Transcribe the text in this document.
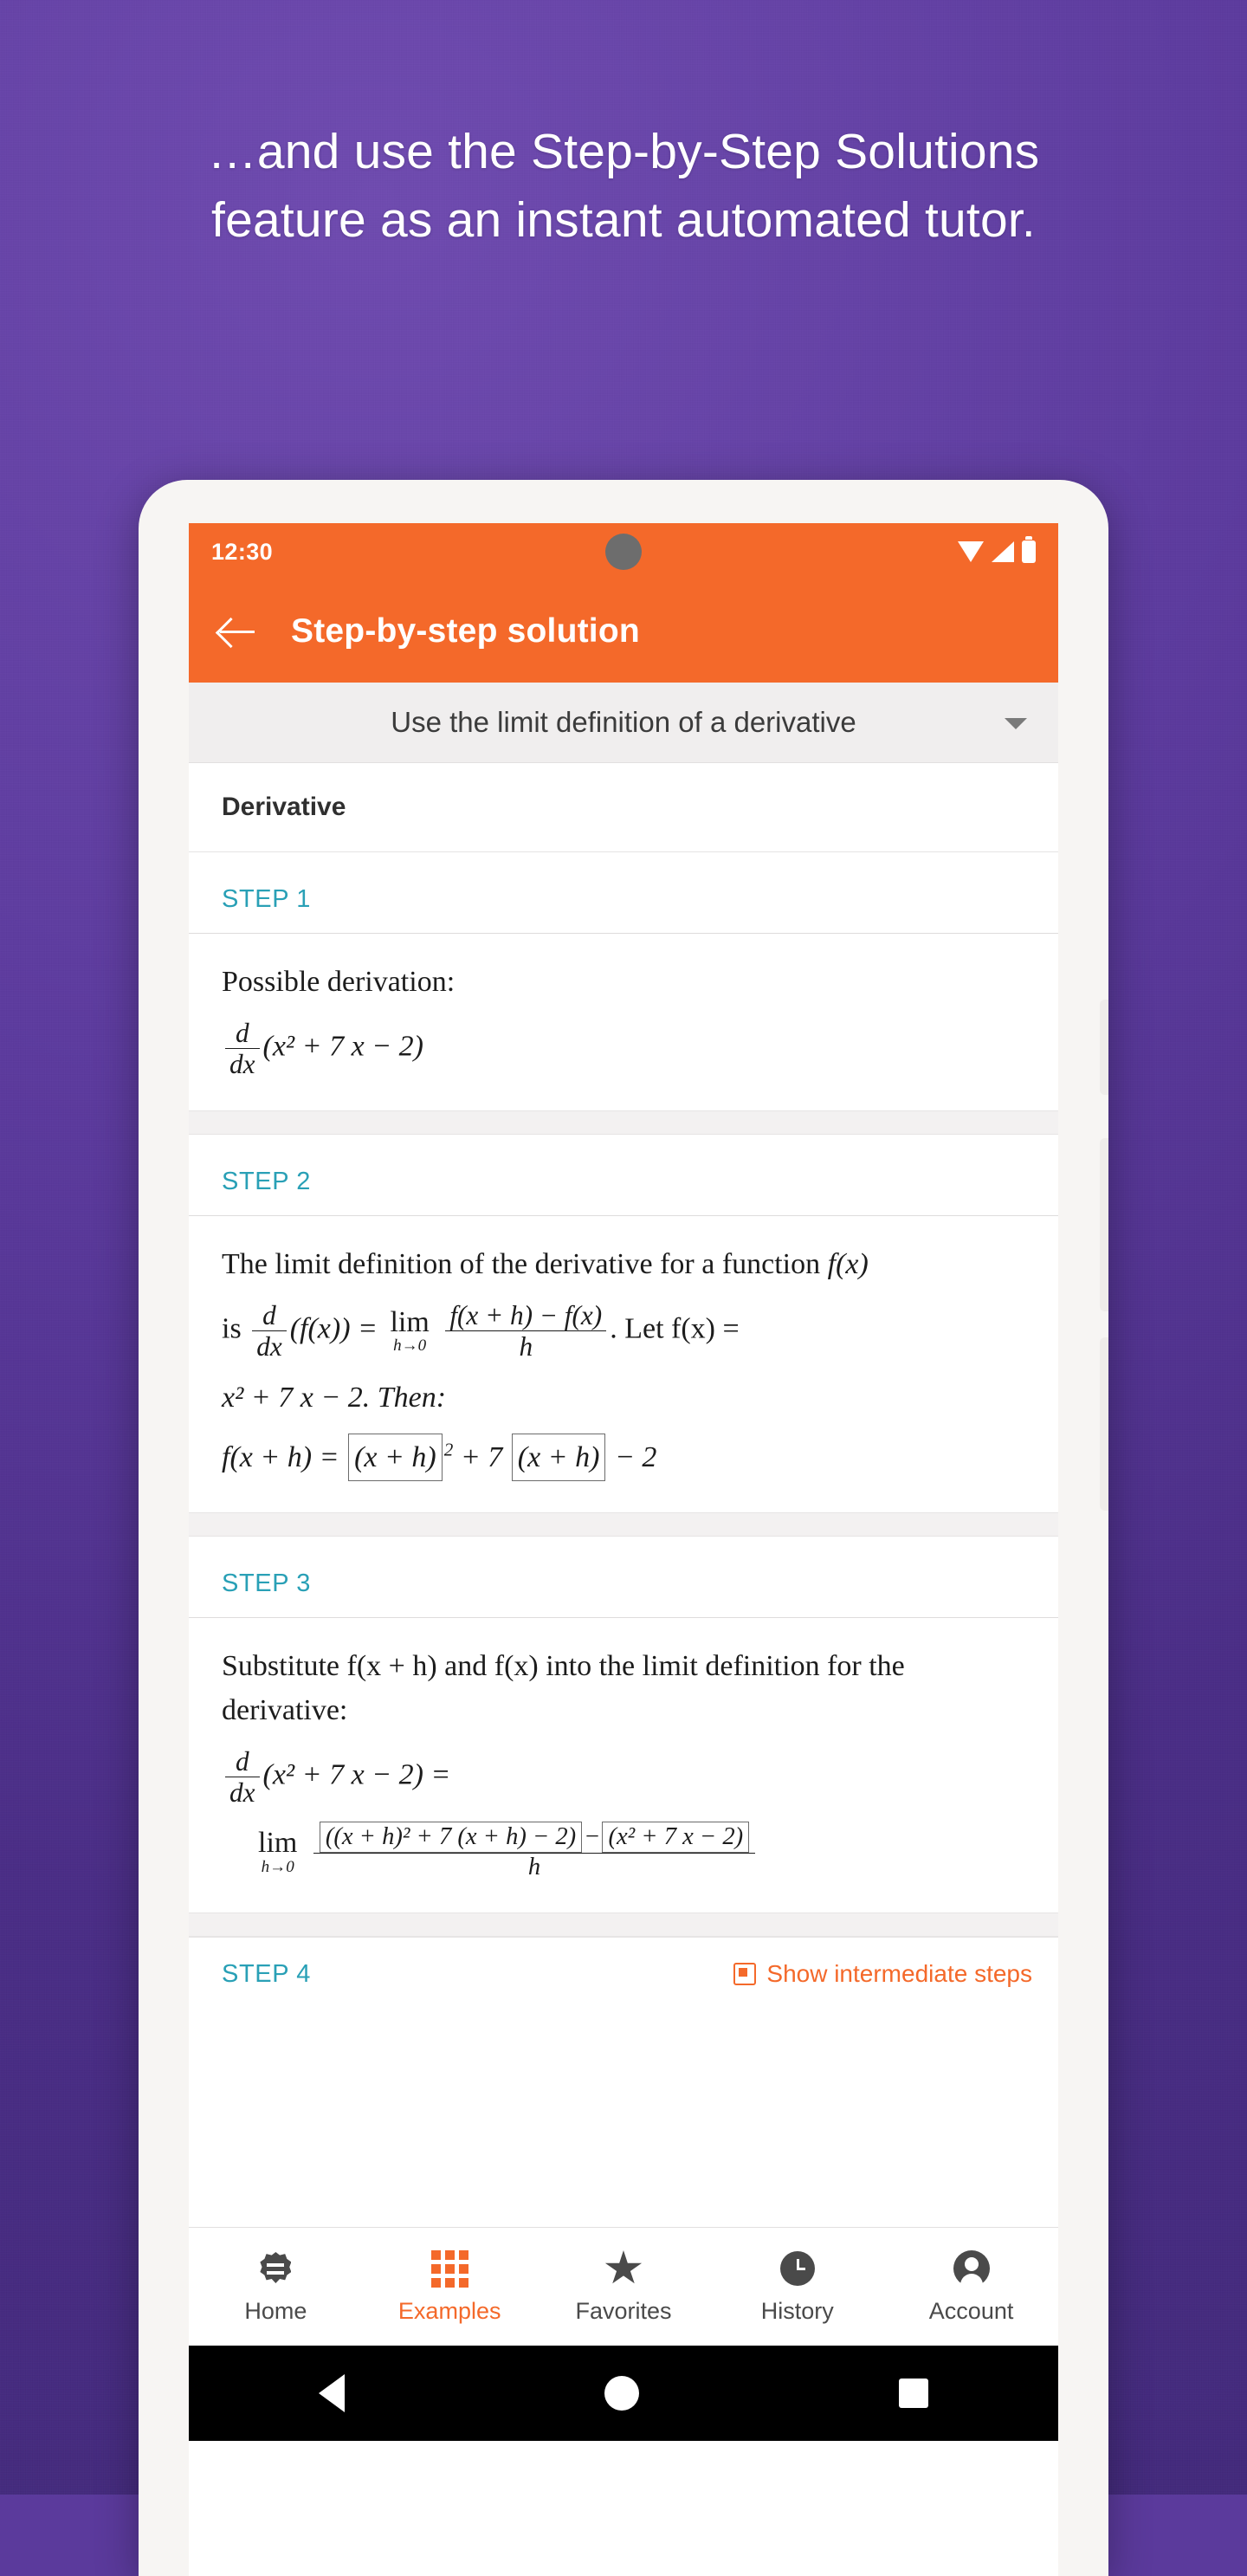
…and use the Step-by-Step Solutions feature as an instant automated tutor.
12:30
Step-by-step solution
Use the limit definition of a derivative
Derivative
STEP 1
Possible derivation:
$\frac{d}{dx} (x^2 + 7$ x − 2)
STEP 2
The limit definition of the derivative for a function f(x)
is $\frac{d}{dx} (f(x)) = \lim$
h→0
$\frac{f(x + h) - f(x)}{h}$ . Let f(x) =
x² + 7 x − 2. Then:
f(x + h) = (x + h) $^2$ + 7 (x + h) − 2
STEP 3
Substitute f(x + h) and f(x) into the limit definition for the derivative:
$\frac{d}{dx} (x^2 + 7$ x − 2) =
lim
h→0
$\frac{\text{((x + h)² + 7 (x + h) − 2) − (x² + 7 x − 2)}}{h}$
STEP 4	Show intermediate steps
Home	Examples	Favorites	History	Account
